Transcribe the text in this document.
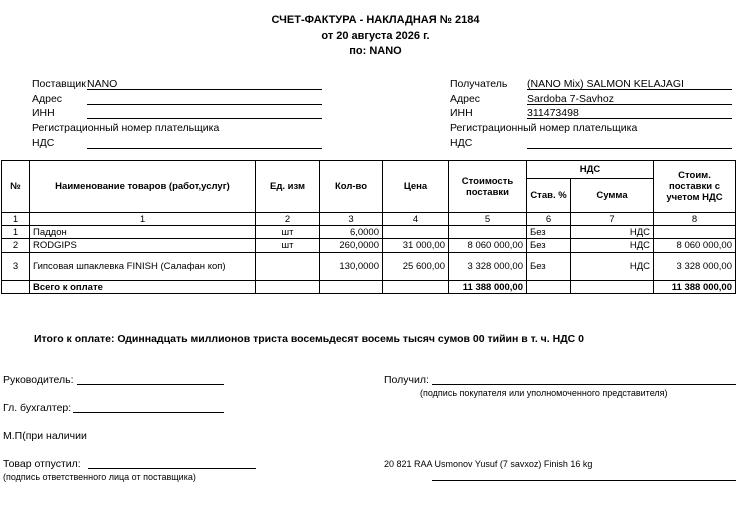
СЧЕТ-ФАКТУРА - НАКЛАДНАЯ № 2184
от 20 августа 2026 г.
по: NANO
Поставщик NANO
Адрес
ИНН
Регистрационный номер плательщика
НДС
Получатель (NANO Mix) SALMON KELAJAGI
Адрес	Sardoba 7-Savhoz
ИНН	311473498
Регистрационный номер плательщика
НДС
№	Наименование товаров (работ,услуг)	Ед. изм	Кол-во	Цена	Стоимость поставки	НДС		Стоим. поставки с учетом НДС
						Став. %	Сумма	
1	1	2	3	4	5	6	7	8
1	Паддон	шт	6,0000			Без	НДС	
2	RODGIPS	шт	260,0000	31 000,00	8 060 000,00	Без	НДС	8 060 000,00
3	Гипсовая шпаклевка FINISH (Салафан коп)		130,0000	25 600,00	3 328 000,00	Без	НДС	3 328 000,00
	Всего к оплате				11 388 000,00			11 388 000,00
Итого к оплате: Одиннадцать миллионов триста восемьдесят восемь тысяч сумов 00 тийин в т. ч. НДС 0
Руководитель:
Гл. бухгалтер:
М.П(при наличии
Товар отпустил:
(подпись ответственного лица от поставщика)
Получил:
(подпись покупателя или уполномоченного представителя)
20 821 RAA Usmonov Yusuf (7 savxoz) Finish 16 kg
